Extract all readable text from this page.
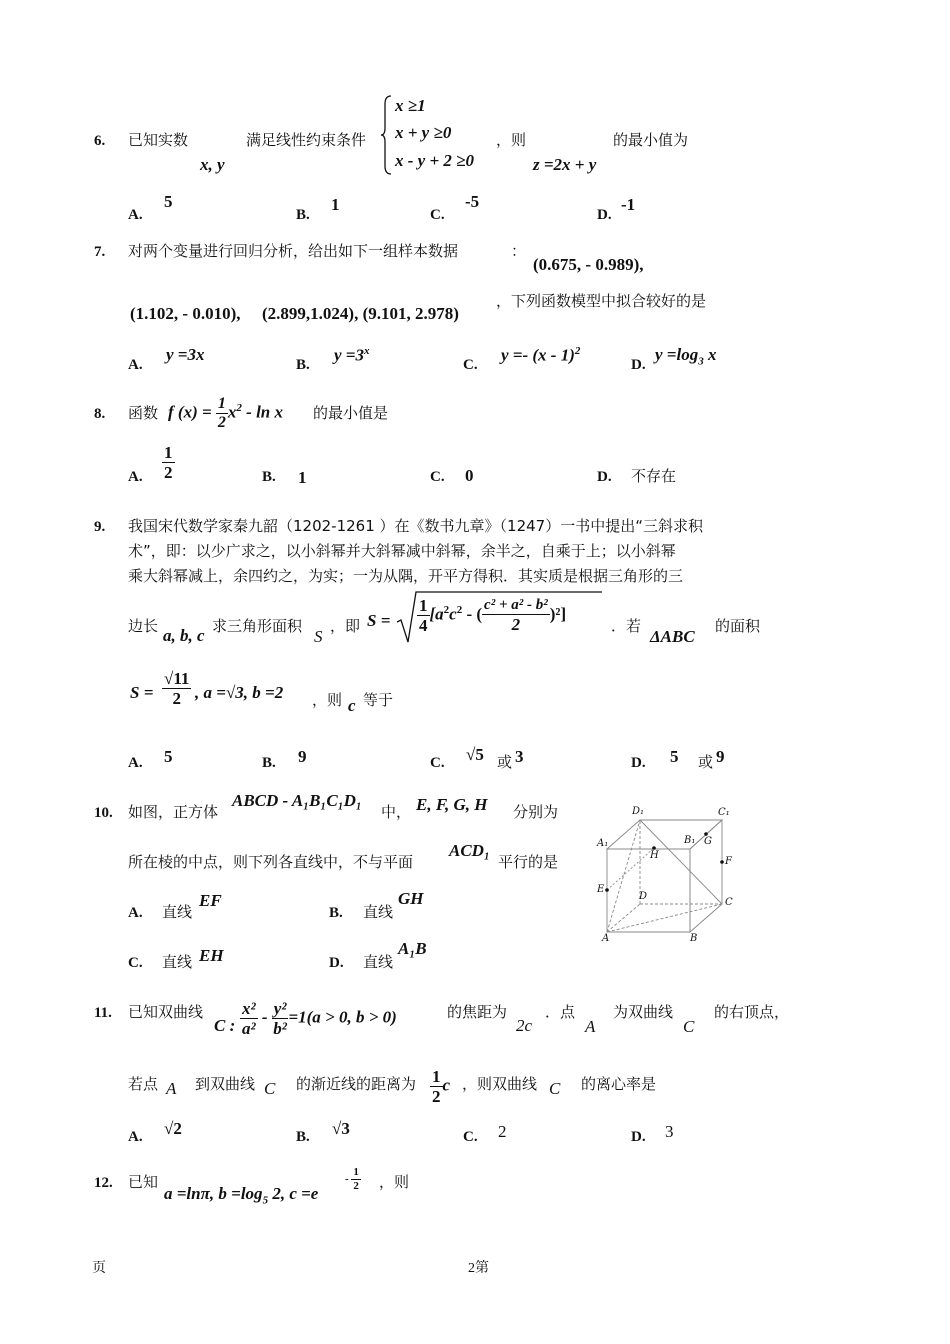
6. 已知实数
x, y
满足线性约束条件
x ≥1
x + y ≥0
x - y + 2 ≥0
，则
z =2x + y
的最小值为
A.
5
B.
1
C.
-5
D.
-1
7. 对两个变量进行回归分析，给出如下一组样本数据	：
(0.675, - 0.989),
(1.102, - 0.010), (2.899,1.024), (9.101, 2.978)
，下列函数模型中拟合较好的是
A.
y =3x
B.
$y =3^x$
C.
y =- (x - 1)$^2$
D.
$y =\log_3$ x
8. 函数 f $(x) = \frac{1}{2} x^2 - \ln x$ 的最小值是
A. $\frac{1}{2}$	B. 1	C. 0	D. 不存在
9. 我国宋代数学家秦九韶（1202-1261 ）在《数书九章》（1247）一书中提出“三斜求积
术”，即：以少广求之，以小斜幂并大斜幂减中斜幂，余半之，自乘于上；以小斜幂
乘大斜幂减上，余四约之，为实；一为从隅，开平方得积．其实质是根据三角形的三
边长 a, b, c 求三角形面积
S
，即 $S = \frac{1}{4} [a^2c^2$ - ( $\frac{\text{c² + a² - b²}}{2} )^2$]
．若
ΔABC
的面积
$S = \frac{√11}{2}$ , a =√3, b =2 ，则 c 等于
A. 5	B. 9	C. √5 或 3	D. 5 或 9
10. 如图，正方体
ABCD - A₁B₁C₁D₁
中， E, F, G, H 分别为
所在棱的中点，则下列各直线中，不与平面
ACD₁
平行的是
A. 直线
EF
B. 直线
GH
C. 直线 EH	D. 直线
A₁B
A	B
C
D
A₁	B₁
C₁
D₁
E
F
G
H
11. 已知双曲线
C : $\frac{\text{x²}}{\text{a²}} - \frac{\text{y²}}{\text{b²}} =1(a > 0$, b > 0)	的焦距为
2c
．点
A
为双曲线
C
的右顶点，
若点 A 到双曲线 C 的渐近线的距离为 $\frac{1}{2}$ c ，则双曲线 C 的离心率是
A. √2	B. √3	C. 2	D. 3
12. 已知
a =lnπ, $b =\log_5$ 2, c =e
- $\frac{1}{2}$ ，则
页	2第
